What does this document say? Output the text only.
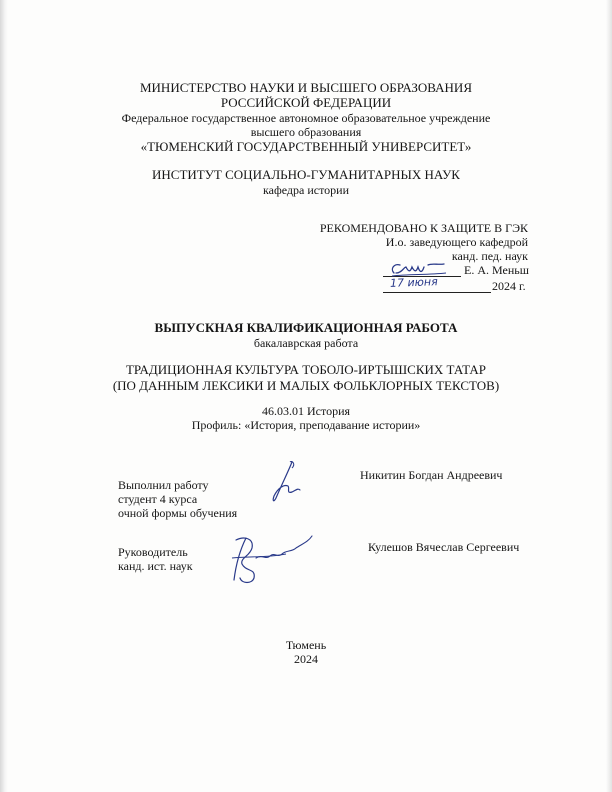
МИНИСТЕРСТВО НАУКИ И ВЫСШЕГО ОБРАЗОВАНИЯ
РОССИЙСКОЙ ФЕДЕРАЦИИ
Федеральное государственное автономное образовательное учреждение
высшего образования
«ТЮМЕНСКИЙ ГОСУДАРСТВЕННЫЙ УНИВЕРСИТЕТ»
ИНСТИТУТ СОЦИАЛЬНО-ГУМАНИТАРНЫХ НАУК
кафедра истории
РЕКОМЕНДОВАНО К ЗАЩИТЕ В ГЭК
И.о. заведующего кафедрой
канд. пед. наук
Е. А. Меньш
17 июня	2024 г.
ВЫПУСКНАЯ КВАЛИФИКАЦИОННАЯ РАБОТА
бакалаврская работа
ТРАДИЦИОННАЯ КУЛЬТУРА ТОБОЛО-ИРТЫШСКИХ ТАТАР
(ПО ДАННЫМ ЛЕКСИКИ И МАЛЫХ ФОЛЬКЛОРНЫХ ТЕКСТОВ)
46.03.01 История
Профиль: «История, преподавание истории»
Выполнил работу
студент 4 курса
очной формы обучения
Никитин Богдан Андреевич
Руководитель
канд. ист. наук
Кулешов Вячеслав Сергеевич
Тюмень
2024
